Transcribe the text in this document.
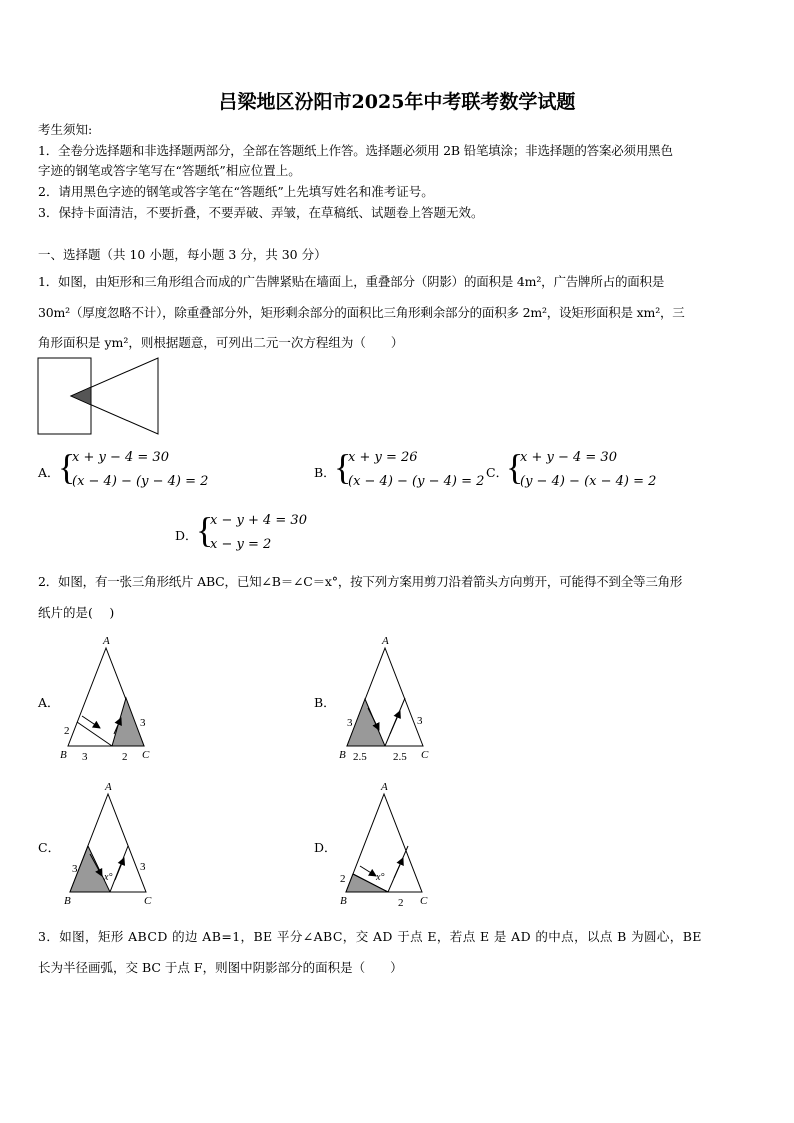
吕梁地区汾阳市2025年中考联考数学试题
考生须知:
1．全卷分选择题和非选择题两部分，全部在答题纸上作答。选择题必须用 2B 铅笔填涂；非选择题的答案必须用黑色
字迹的钢笔或答字笔写在“答题纸”相应位置上。
2．请用黑色字迹的钢笔或答字笔在“答题纸”上先填写姓名和准考证号。
3．保持卡面清洁，不要折叠，不要弄破、弄皱，在草稿纸、试题卷上答题无效。
一、选择题（共 10 小题，每小题 3 分，共 30 分）
1．如图，由矩形和三角形组合而成的广告牌紧贴在墙面上，重叠部分（阴影）的面积是 4m²，广告牌所占的面积是
30m²（厚度忽略不计），除重叠部分外，矩形剩余部分的面积比三角形剩余部分的面积多 2m²，设矩形面积是 xm²，三
角形面积是 ym²，则根据题意，可列出二元一次方程组为（　　）
A．
{
x + y − 4 = 30
(x − 4) − (y − 4) = 2
B．
{
x + y = 26
(x − 4) − (y − 4) = 2
C．
{
x + y − 4 = 30
(y − 4) − (x − 4) = 2
D．
{
x − y + 4 = 30
x − y = 2
2．如图，有一张三角形纸片 ABC，已知∠B＝∠C＝x°，按下列方案用剪刀沿着箭头方向剪开，可能得不到全等三角形
纸片的是(　 )
A．
A
B	C
2
3	2
3
B．
A
B	C
3	3
2.5 2.5
C．
A
B	C
3	3
x°
D．
A
B	C
2
2
x°
3．如图，矩形 ABCD 的边 AB=1，BE 平分∠ABC，交 AD 于点 E，若点 E 是 AD 的中点，以点 B 为圆心，BE
长为半径画弧，交 BC 于点 F，则图中阴影部分的面积是（　　）
